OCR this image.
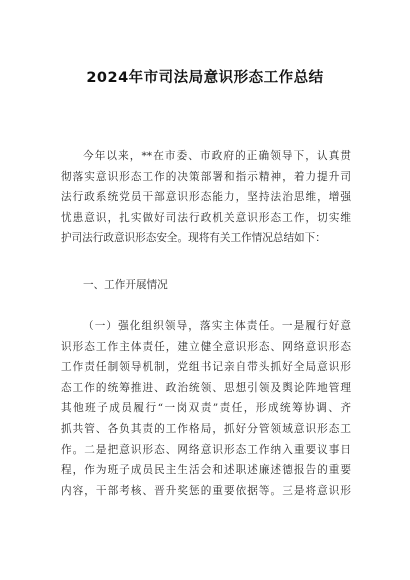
2024年市司法局意识形态工作总结
今年以来，**在市委、市政府的正确领导下，认真贯
彻落实意识形态工作的决策部署和指示精神，着力提升司
法行政系统党员干部意识形态能力，坚持法治思维，增强
忧患意识，扎实做好司法行政机关意识形态工作，切实维
护司法行政意识形态安全。现将有关工作情况总结如下：
一、工作开展情况
（一）强化组织领导，落实主体责任。一是履行好意
识形态工作主体责任，建立健全意识形态、网络意识形态
工作责任制领导机制，党组书记亲自带头抓好全局意识形
态工作的统筹推进、政治统领、思想引领及舆论阵地管理
其他班子成员履行“一岗双责”责任，形成统筹协调、齐
抓共管、各负其责的工作格局，抓好分管领域意识形态工
作。二是把意识形态、网络意识形态工作纳入重要议事日
程，作为班子成员民主生活会和述职述廉述德报告的重要
内容，干部考核、晋升奖惩的重要依据等。三是将意识形
